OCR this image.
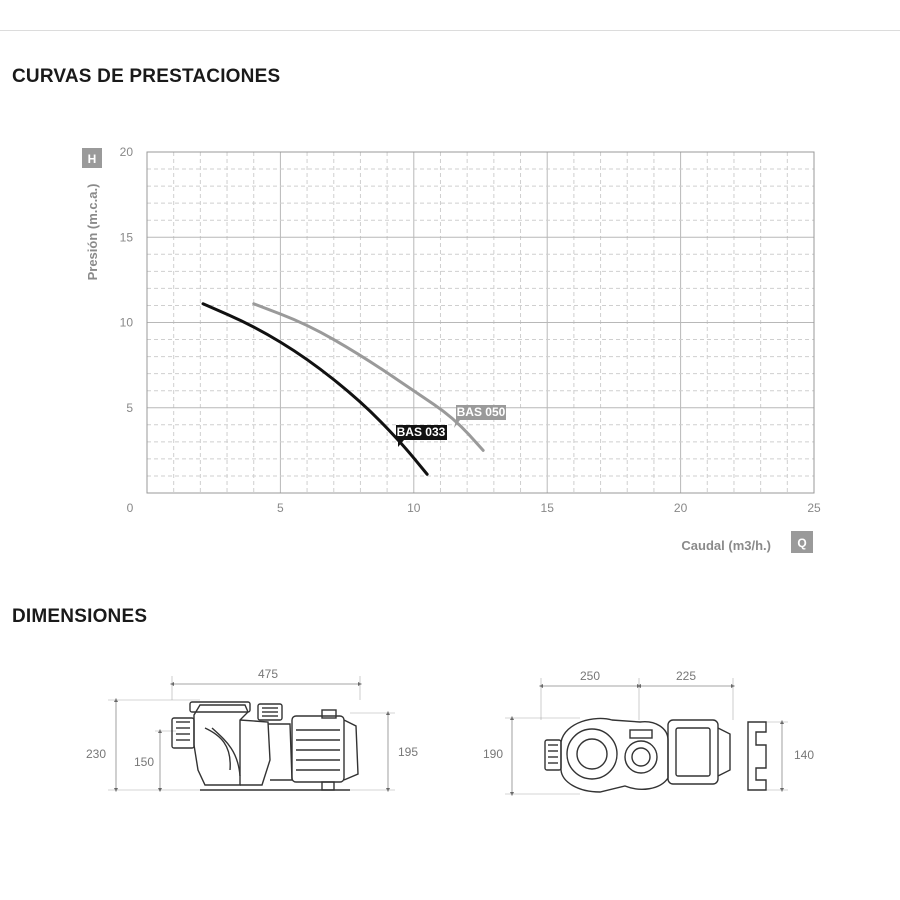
CURVAS DE PRESTACIONES
0	5	10	15	20	25
5
10
15
20
H
Presión (m.c.a.)
Caudal (m3/h.) Q
BAS 033
BAS 050
DIMENSIONES
475
230
150
195
250	225
190	140
